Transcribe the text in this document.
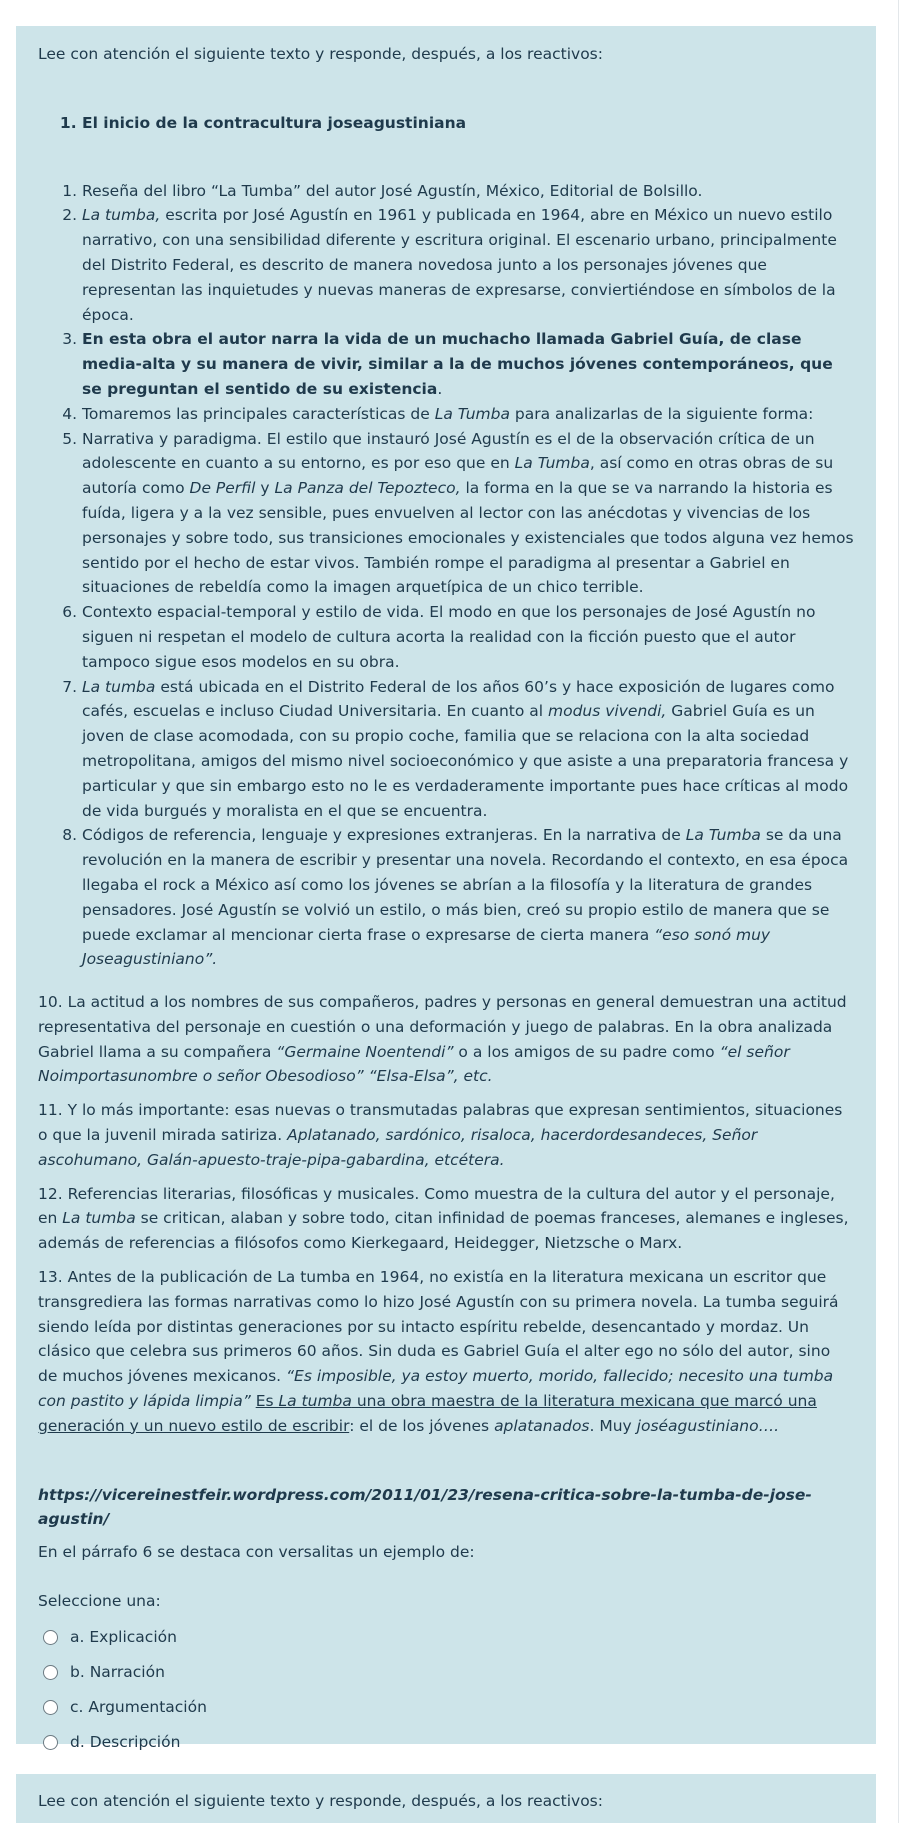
Lee con atención el siguiente texto y responde, después, a los reactivos:

1. El inicio de la contracultura joseagustiniana
1. Reseña del libro “La Tumba” del autor José Agustín, México, Editorial de Bolsillo.
2. La tumba, escrita por José Agustín en 1961 y publicada en 1964, abre en México un nuevo estilo narrativo, con una sensibilidad diferente y escritura original. El escenario urbano, principalmente del Distrito Federal, es descrito de manera novedosa junto a los personajes jóvenes que representan las inquietudes y nuevas maneras de expresarse, conviertiéndose en símbolos de la época.
3. En esta obra el autor narra la vida de un muchacho llamada Gabriel Guía, de clase media-alta y su manera de vivir, similar a la de muchos jóvenes contemporáneos, que se preguntan el sentido de su existencia.
4. Tomaremos las principales características de La Tumba para analizarlas de la siguiente forma:
5. Narrativa y paradigma. El estilo que instauró José Agustín es el de la observación crítica de un adolescente en cuanto a su entorno, es por eso que en La Tumba, así como en otras obras de su autoría como De Perfil y La Panza del Tepozteco, la forma en la que se va narrando la historia es fuída, ligera y a la vez sensible, pues envuelven al lector con las anécdotas y vivencias de los personajes y sobre todo, sus transiciones emocionales y existenciales que todos alguna vez hemos sentido por el hecho de estar vivos. También rompe el paradigma al presentar a Gabriel en situaciones de rebeldía como la imagen arquetípica de un chico terrible.
6. Contexto espacial-temporal y estilo de vida. El modo en que los personajes de José Agustín no siguen ni respetan el modelo de cultura acorta la realidad con la ficción puesto que el autor tampoco sigue esos modelos en su obra.
7. La tumba está ubicada en el Distrito Federal de los años 60’s y hace exposición de lugares como cafés, escuelas e incluso Ciudad Universitaria. En cuanto al modus vivendi, Gabriel Guía es un joven de clase acomodada, con su propio coche, familia que se relaciona con la alta sociedad metropolitana, amigos del mismo nivel socioeconómico y que asiste a una preparatoria francesa y particular y que sin embargo esto no le es verdaderamente importante pues hace críticas al modo de vida burgués y moralista en el que se encuentra.
8. Códigos de referencia, lenguaje y expresiones extranjeras. En la narrativa de La Tumba se da una revolución en la manera de escribir y presentar una novela. Recordando el contexto, en esa época llegaba el rock a México así como los jóvenes se abrían a la filosofía y la literatura de grandes pensadores. José Agustín se volvió un estilo, o más bien, creó su propio estilo de manera que se puede exclamar al mencionar cierta frase o expresarse de cierta manera “eso sonó muy Joseagustiniano”.

10. La actitud a los nombres de sus compañeros, padres y personas en general demuestran una actitud representativa del personaje en cuestión o una deformación y juego de palabras. En la obra analizada Gabriel llama a su compañera “Germaine Noentendi” o a los amigos de su padre como “el señor Noimportasunombre o señor Obesodioso” “Elsa-Elsa”, etc.

11. Y lo más importante: esas nuevas o transmutadas palabras que expresan sentimientos, situaciones o que la juvenil mirada satiriza. Aplatanado, sardónico, risaloca, hacerdordesandeces, Señor ascohumano, Galán-apuesto-traje-pipa-gabardina, etcétera.

12. Referencias literarias, filosóficas y musicales. Como muestra de la cultura del autor y el personaje, en La tumba se critican, alaban y sobre todo, citan infinidad de poemas franceses, alemanes e ingleses, además de referencias a filósofos como Kierkegaard, Heidegger, Nietzsche o Marx.

13. Antes de la publicación de La tumba en 1964, no existía en la literatura mexicana un escritor que transgrediera las formas narrativas como lo hizo José Agustín con su primera novela. La tumba seguirá siendo leída por distintas generaciones por su intacto espíritu rebelde, desencantado y mordaz. Un clásico que celebra sus primeros 60 años. Sin duda es Gabriel Guía el alter ego no sólo del autor, sino de muchos jóvenes mexicanos. “Es imposible, ya estoy muerto, morido, fallecido; necesito una tumba con pastito y lápida limpia” Es La tumba una obra maestra de la literatura mexicana que marcó una generación y un nuevo estilo de escribir: el de los jóvenes aplatanados. Muy joséagustiniano….

https://vicereinestfeir.wordpress.com/2011/01/23/resena-critica-sobre-la-tumba-de-jose-agustin/

En el párrafo 6 se destaca con versalitas un ejemplo de:

Seleccione una:

a. Explicación
b. Narración
c. Argumentación
d. Descripción

Lee con atención el siguiente texto y responde, después, a los reactivos:
